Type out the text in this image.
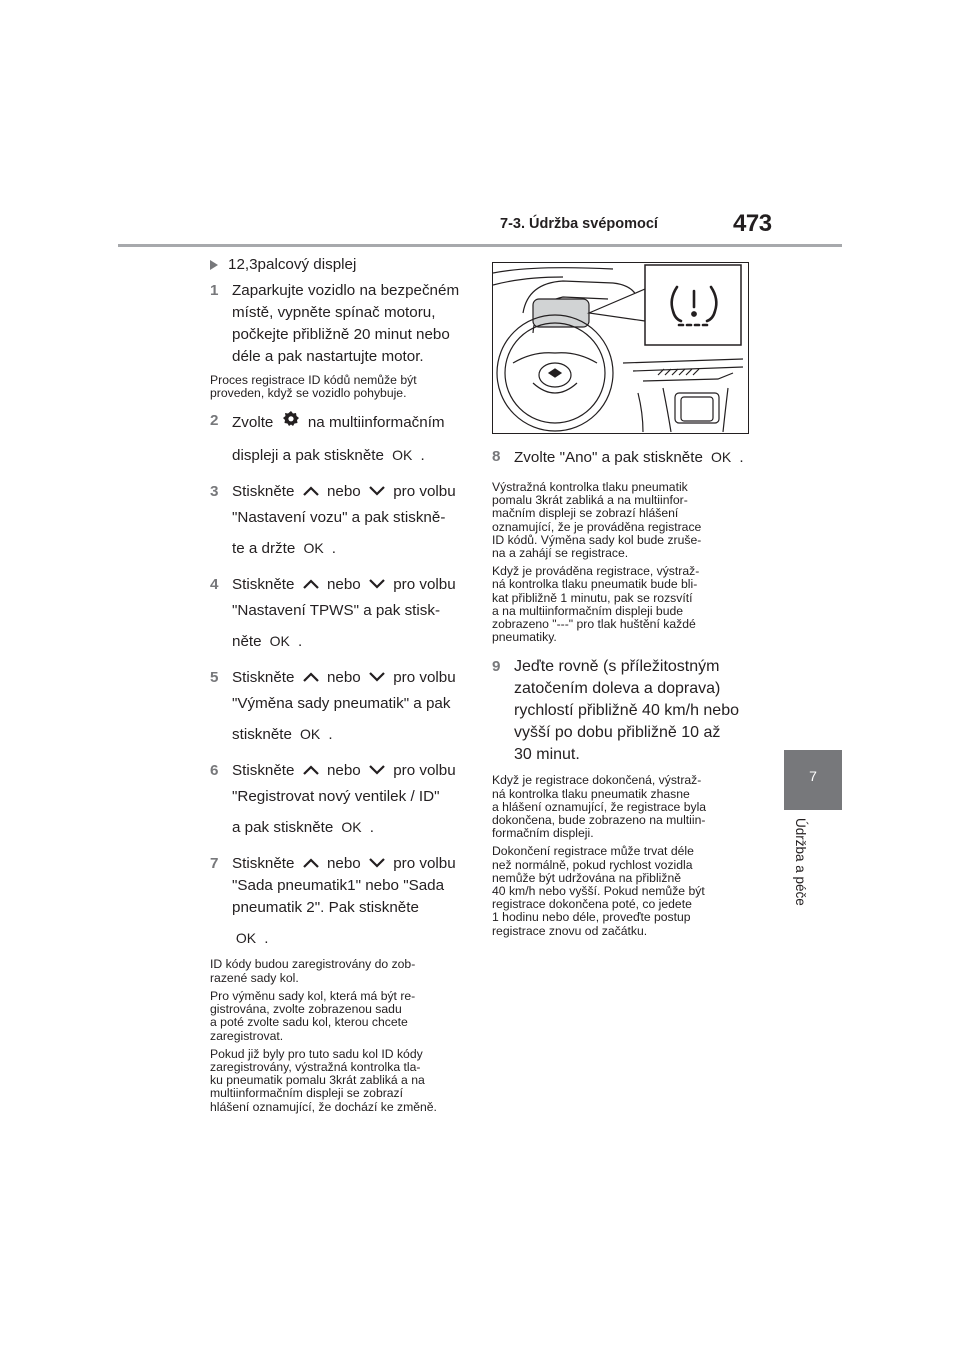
7-3. Údržba svépomocí	473
7
Údržba a péče
12,3palcový displej
1 Zaparkujte vozidlo na bezpečném
místě, vypněte spínač motoru,
počkejte přibližně 20 minut nebo
déle a pak nastartujte motor.
Proces registrace ID kódů nemůže být
proveden, když se vozidlo pohybuje.
2 Zvolte na multiinformačním
displeji a pak stiskněte OK .
3 Stiskněte nebo pro volbu
"Nastavení vozu" a pak stiskně-
te a držte OK .
4 Stiskněte nebo pro volbu
"Nastavení TPWS" a pak stisk-
něte OK .
5 Stiskněte nebo pro volbu
"Výměna sady pneumatik" a pak
stiskněte OK .
6 Stiskněte nebo pro volbu
"Registrovat nový ventilek / ID"
a pak stiskněte OK .
7 Stiskněte nebo pro volbu
"Sada pneumatik1" nebo "Sada
pneumatik 2". Pak stiskněte
OK .
ID kódy budou zaregistrovány do zob-
razené sady kol.
Pro výměnu sady kol, která má být re-
gistrována, zvolte zobrazenou sadu
a poté zvolte sadu kol, kterou chcete
zaregistrovat.
Pokud již byly pro tuto sadu kol ID kódy
zaregistrovány, výstražná kontrolka tla-
ku pneumatik pomalu 3krát zabliká a na
multiinformačním displeji se zobrazí
hlášení oznamující, že dochází ke změně.
8 Zvolte "Ano" a pak stiskněte OK .
Výstražná kontrolka tlaku pneumatik
pomalu 3krát zabliká a na multiinfor-
mačním displeji se zobrazí hlášení
oznamující, že je prováděna registrace
ID kódů. Výměna sady kol bude zruše-
na a zahájí se registrace.
Když je prováděna registrace, výstraž-
ná kontrolka tlaku pneumatik bude bli-
kat přibližně 1 minutu, pak se rozsvítí
a na multiinformačním displeji bude
zobrazeno "---" pro tlak huštění každé
pneumatiky.
9 Jeďte rovně (s příležitostným
zatočením doleva a doprava)
rychlostí přibližně 40 km/h nebo
vyšší po dobu přibližně 10 až
30 minut.
Když je registrace dokončená, výstraž-
ná kontrolka tlaku pneumatik zhasne
a hlášení oznamující, že registrace byla
dokončena, bude zobrazeno na multiin-
formačním displeji.
Dokončení registrace může trvat déle
než normálně, pokud rychlost vozidla
nemůže být udržována na přibližně
40 km/h nebo vyšší. Pokud nemůže být
registrace dokončena poté, co jedete
1 hodinu nebo déle, proveďte postup
registrace znovu od začátku.
